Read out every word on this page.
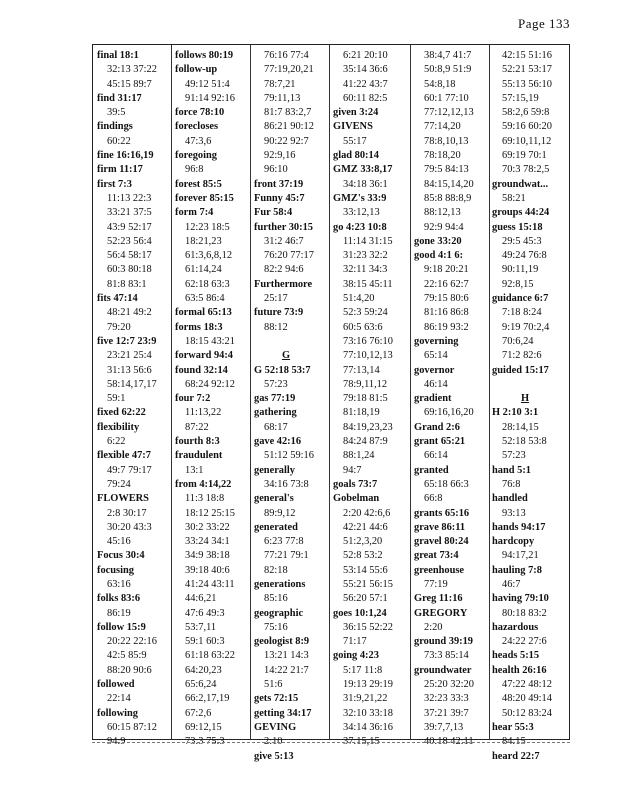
Page 133
final 18:1
32:13 37:22
45:15 89:7
find 31:17
39:5
findings
60:22
fine 16:16,19
firm 11:17
first 7:3
11:13 22:3
33:21 37:5
43:9 52:17
52:23 56:4
56:4 58:17
60:3 80:18
81:8 83:1
fits 47:14
48:21 49:2
79:20
five 12:7 23:9
23:21 25:4
31:13 56:6
58:14,17,17
59:1
fixed 62:22
flexibility
6:22
flexible 47:7
49:7 79:17
79:24
FLOWERS
2:8 30:17
30:20 43:3
45:16
Focus 30:4
focusing
63:16
folks 83:6
86:19
follow 15:9
20:22 22:16
42:5 85:9
88:20 90:6
followed
22:14
following
60:15 87:12
94:9
follows 80:19
follow-up
49:12 51:4
91:14 92:16
force 78:10
forecloses
47:3,6
foregoing
96:8
forest 85:5
forever 85:15
form 7:4
12:23 18:5
18:21,23
61:3,6,8,12
61:14,24
62:18 63:3
63:5 86:4
formal 65:13
forms 18:3
18:15 43:21
forward 94:4
found 32:14
68:24 92:12
four 7:2
11:13,22
87:22
fourth 8:3
fraudulent
13:1
from 4:14,22
11:3 18:8
18:12 25:15
30:2 33:22
33:24 34:1
34:9 38:18
39:18 40:6
41:24 43:11
44:6,21
47:6 49:3
53:7,11
59:1 60:3
61:18 63:22
64:20,23
65:6,24
66:2,17,19
67:2,6
69:12,15
73:3 75:3
76:16 77:4
77:19,20,21
78:7,21
79:11,13
81:7 83:2,7
86:21 90:12
90:22 92:7
92:9,16
96:10
front 37:19
Funny 45:7
Fur 58:4
further 30:15
31:2 46:7
76:20 77:17
82:2 94:6
Furthermore
25:17
future 73:9
88:12
G
G 52:18 53:7
57:23
gas 77:19
gathering
68:17
gave 42:16
51:12 59:16
generally
34:16 73:8
general's
89:9,12
generated
6:23 77:8
77:21 79:1
82:18
generations
85:16
geographic
75:16
geologist 8:9
13:21 14:3
14:22 21:7
51:6
gets 72:15
getting 34:17
GEVING
2:10
give 5:13
6:21 20:10
35:14 36:6
41:22 43:7
60:11 82:5
given 3:24
GIVENS
55:17
glad 80:14
GMZ 33:8,17
34:18 36:1
GMZ's 33:9
33:12,13
go 4:23 10:8
11:14 31:15
31:23 32:2
32:11 34:3
38:15 45:11
51:4,20
52:3 59:24
60:5 63:6
73:16 76:10
77:10,12,13
77:13,14
78:9,11,12
79:18 81:5
81:18,19
84:19,23,23
84:24 87:9
88:1,24
94:7
goals 73:7
Gobelman
2:20 42:6,6
42:21 44:6
51:2,3,20
52:8 53:2
53:14 55:6
55:21 56:15
56:20 57:1
goes 10:1,24
36:15 52:22
71:17
going 4:23
5:17 11:8
19:13 29:19
31:9,21,22
32:10 33:18
34:14 36:16
37:15,15
38:4,7 41:7
50:8,9 51:9
54:8,18
60:1 77:10
77:12,12,13
77:14,20
78:8,10,13
78:18,20
79:5 84:13
84:15,14,20
85:8 88:8,9
88:12,13
92:9 94:4
gone 33:20
good 4:1 6:
9:18 20:21
22:16 62:7
79:15 80:6
81:16 86:8
86:19 93:2
governing
65:14
governor
46:14
gradient
69:16,16,20
Grand 2:6
grant 65:21
66:14
granted
65:18 66:3
66:8
grants 65:16
grave 86:11
gravel 80:24
great 73:4
greenhouse
77:19
Greg 11:16
GREGORY
2:20
ground 39:19
73:3 85:14
groundwater
25:20 32:20
32:23 33:3
37:21 39:7
39:7,7,13
40:18 42:11
42:15 51:16
52:21 53:17
55:13 56:10
57:15,19
58:2,6 59:8
59:16 60:20
69:10,11,12
69:19 70:1
70:3 78:2,5
groundwat...
58:21
groups 44:24
guess 15:18
29:5 45:3
49:24 76:8
90:11,19
92:8,15
guidance 6:7
7:18 8:24
9:19 70:2,4
70:6,24
71:2 82:6
guided 15:17
H
H 2:10 3:1
28:14,15
52:18 53:8
57:23
hand 5:1
76:8
handled
93:13
hands 94:17
hardcopy
94:17,21
hauling 7:8
46:7
having 79:10
80:18 83:2
hazardous
24:22 27:6
heads 5:15
health 26:16
47:22 48:12
48:20 49:14
50:12 83:24
hear 55:3
84:15
heard 22:7
